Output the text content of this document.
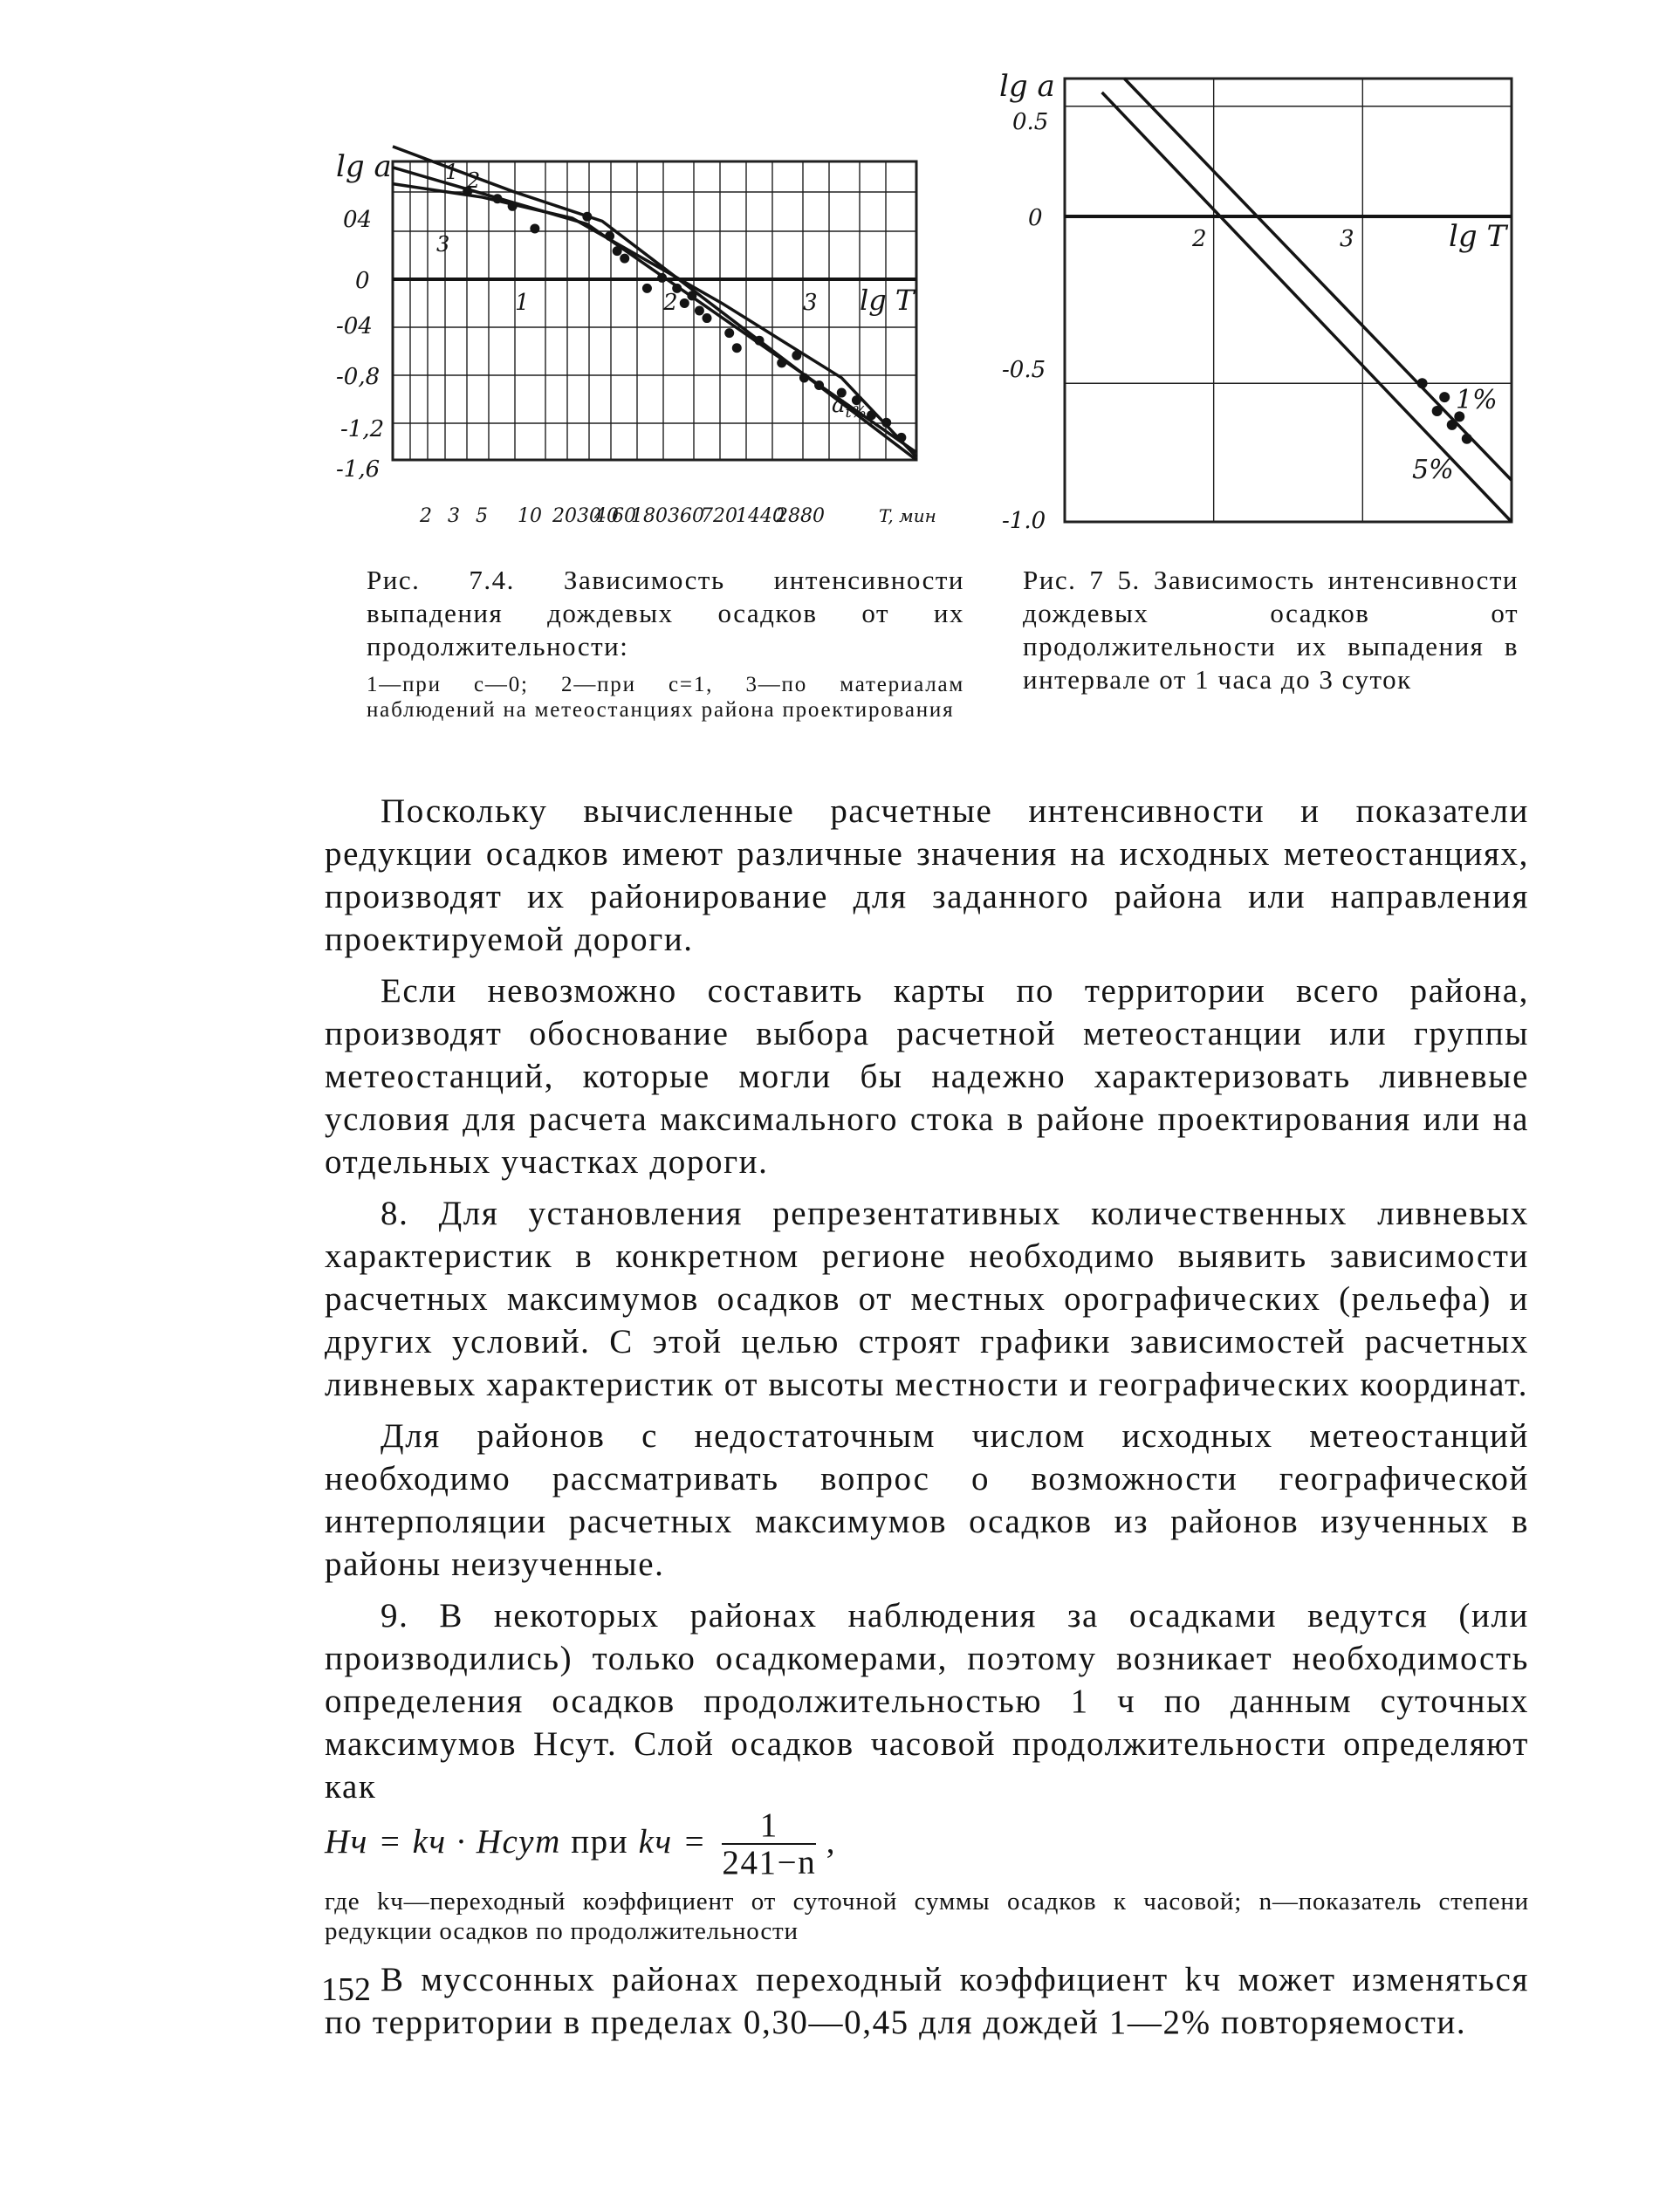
lg a
04
0
-04
-0,8
-1,2
-1,6
1	2	3 lg T
1 2
3
$a_{t\%}$
2 3 5 10 20 30
40
60
180 360
720
1440
2880	T, мин
lg a
0.5
0
-0.5
-1.0
2	3	lg T
1%
5%
Рис. 7.4. Зависимость интенсивности выпадения дождевых осадков от их продолжительности:
1—при c—0; 2—при c=1, 3—по материалам наблюдений на метеостанциях района проектирования
Рис. 7 5. Зависимость интенсивности дождевых осадков от продолжительности их выпадения в интервале от 1 часа до 3 суток

Поскольку вычисленные расчетные интенсивности и показатели редукции осадков имеют различные значения на исходных метеостанциях, производят их районирование для заданного района или направления проектируемой дороги.

Если невозможно составить карты по территории всего района, производят обоснование выбора расчетной метеостанции или группы метеостанций, которые могли бы надежно характеризовать ливневые условия для расчета максимального стока в районе проектирования или на отдельных участках дороги.

8. Для установления репрезентативных количественных ливневых характеристик в конкретном регионе необходимо выявить зависимости расчетных максимумов осадков от местных орографических (рельефа) и других условий. С этой целью строят графики зависимостей расчетных ливневых характеристик от высоты местности и географических координат.

Для районов с недостаточным числом исходных метеостанций необходимо рассматривать вопрос о возможности географической интерполяции расчетных максимумов осадков из районов изученных в районы неизученные.

9. В некоторых районах наблюдения за осадками ведутся (или производились) только осадкомерами, поэтому возникает необходимость определения осадков продолжительностью 1 ч по данным суточных максимумов Hсут. Слой осадков часовой продолжительности определяют как

Hч = kч · Hсут при kч = $\frac{1}{241-n}$ ,

где kч—переходный коэффициент от суточной суммы осадков к часовой; n—показатель степени редукции осадков по продолжительности

В муссонных районах переходный коэффициент kч может изменяться по территории в пределах 0,30—0,45 для дождей 1—2% повторяемости.

152
